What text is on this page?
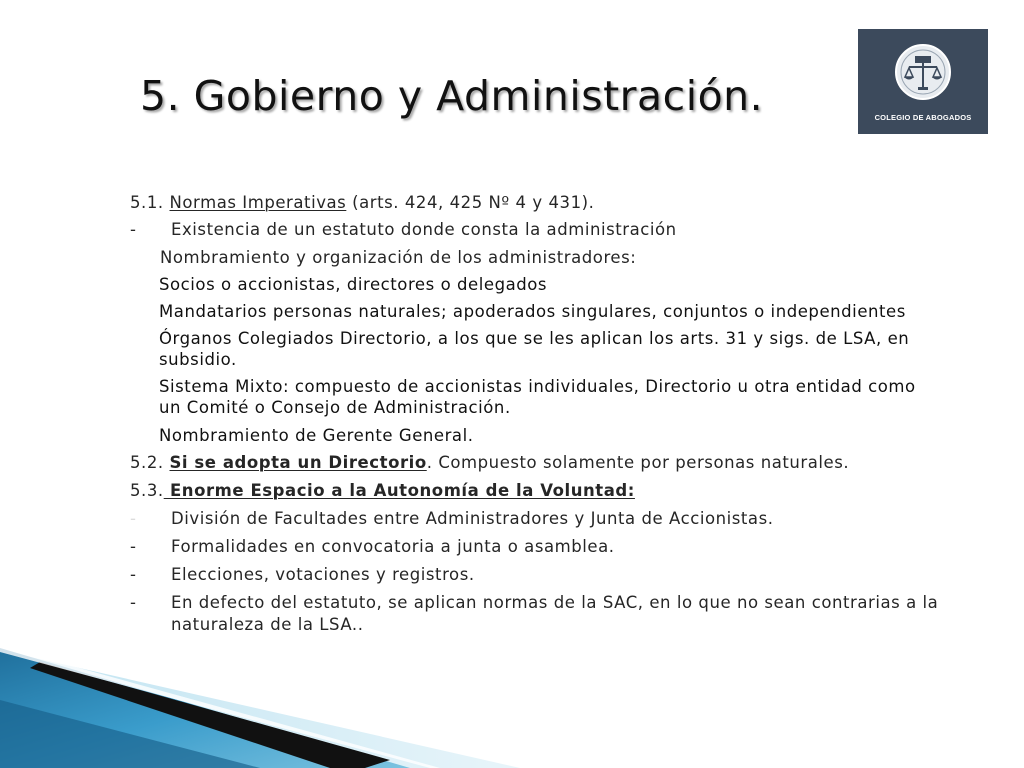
5. Gobierno y Administración.	COLEGIO DE ABOGADOS
5.1. Normas Imperativas (arts. 424, 425 Nº 4 y 431).
- Existencia de un estatuto donde consta la administración
Nombramiento y organización de los administradores:
Socios o accionistas, directores o delegados
Mandatarios personas naturales; apoderados singulares, conjuntos o independientes
Órganos Colegiados Directorio, a los que se les aplican los arts. 31 y sigs. de LSA, en
subsidio.
Sistema Mixto: compuesto de accionistas individuales, Directorio u otra entidad como
un Comité o Consejo de Administración.
Nombramiento de Gerente General.
5.2. Si se adopta un Directorio. Compuesto solamente por personas naturales.
5.3. Enorme Espacio a la Autonomía de la Voluntad:
- División de Facultades entre Administradores y Junta de Accionistas.
- Formalidades en convocatoria a junta o asamblea.
- Elecciones, votaciones y registros.
- En defecto del estatuto, se aplican normas de la SAC, en lo que no sean contrarias a la
naturaleza de la LSA..
